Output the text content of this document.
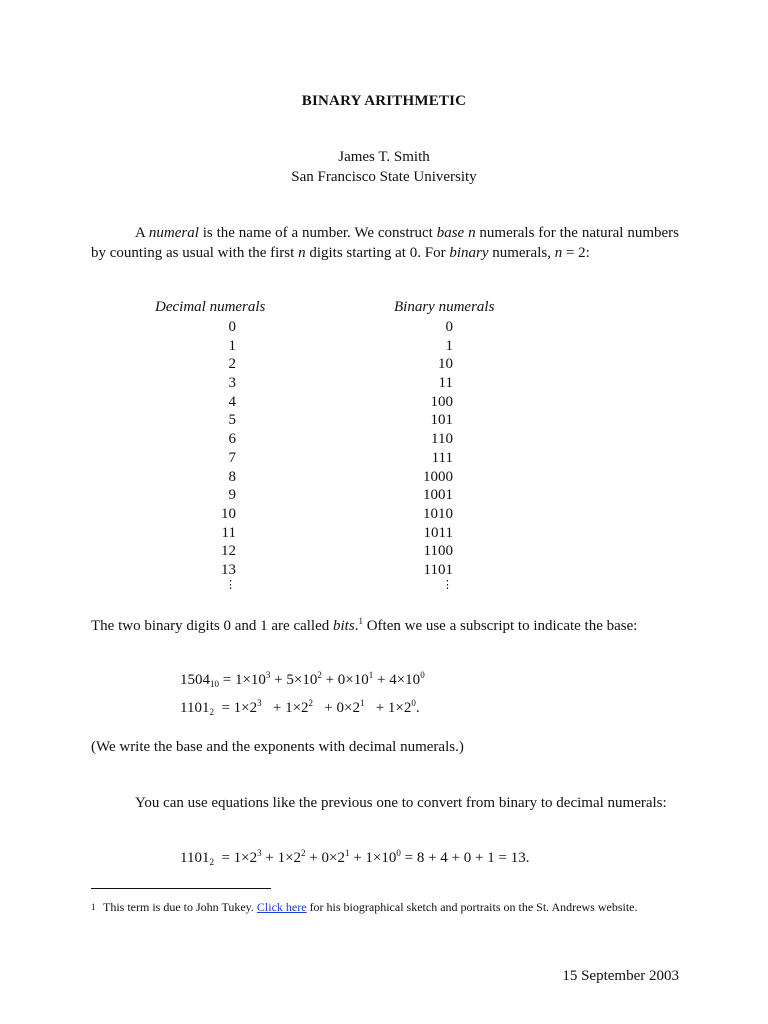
BINARY ARITHMETIC
James T. Smith
San Francisco State University
A numeral is the name of a number. We construct base n numerals for the natural numbers by counting as usual with the first n digits starting at 0. For binary numerals, n = 2:
Decimal numerals	Binary numerals
0
1
2
3
4
5
6
7
8
9
10
11
12
13
⋮
0
1
10
11
100
101
110
111
1000
1001
1010
1011
1100
1101
⋮
The two binary digits 0 and 1 are called bits.$^1$ Often we use a subscript to indicate the base:
$1504_{10} = 1\times 10^3 + 5\times 10^2 + 0\times 10^1 + 4\times 10^0$
$1101_2 = 1\times 2^3 + 1\times 2^2 + 0\times 2^1 + 1\times 2^0$.
(We write the base and the exponents with decimal numerals.)
You can use equations like the previous one to convert from binary to decimal numerals:
$1101_2 = 1\times 2^3 + 1\times 2^2 + 0\times 2^1 + 1\times 10^0 = 8 + 4 + 0 + 1 = 13$.
1 This term is due to John Tukey. Click here for his biographical sketch and portraits on the St. Andrews website.
15 September 2003
